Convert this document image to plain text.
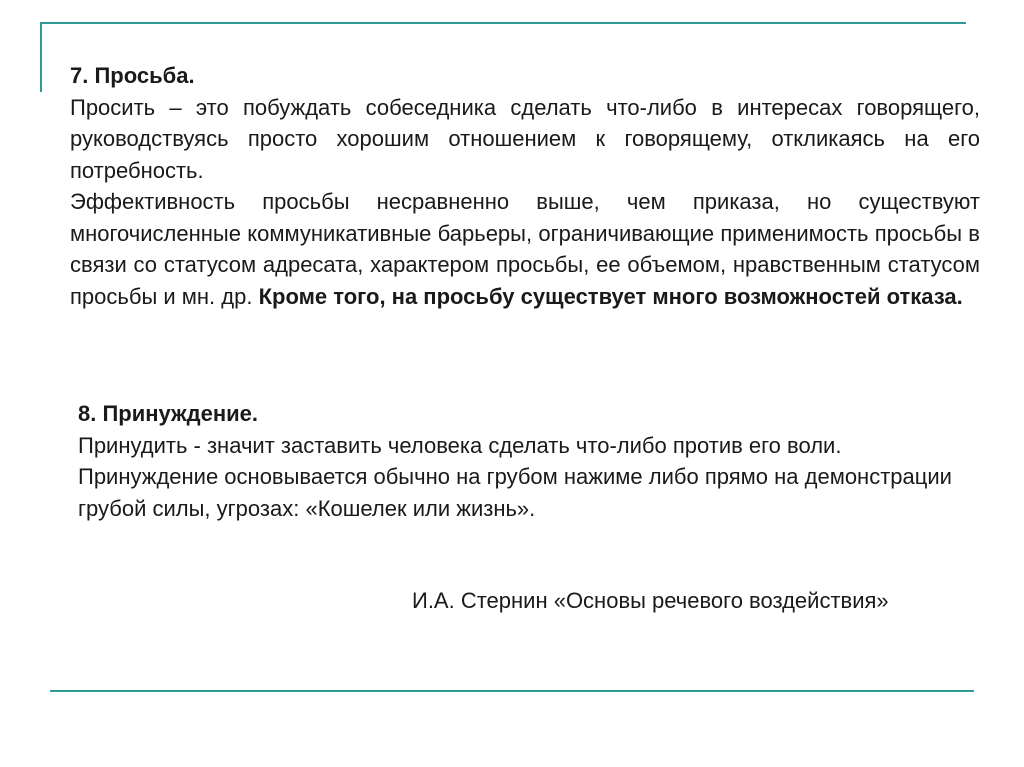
7. Просьба.
Просить – это побуждать собеседника сделать что-либо в интересах говорящего, руководствуясь просто хорошим отношением к говорящему, откликаясь на его потребность.
Эффективность просьбы несравненно выше, чем приказа, но существуют многочисленные коммуникативные барьеры, ограничивающие применимость просьбы в связи со статусом адресата, характером просьбы, ее объемом, нравственным статусом просьбы и мн. др. Кроме того, на просьбу существует много возможностей отказа.
8. Принуждение.
Принудить - значит заставить человека сделать что-либо против его воли.
Принуждение основывается обычно на грубом нажиме либо прямо на демонстрации грубой силы, угрозах: «Кошелек или жизнь».
И.А. Стернин «Основы речевого воздействия»
